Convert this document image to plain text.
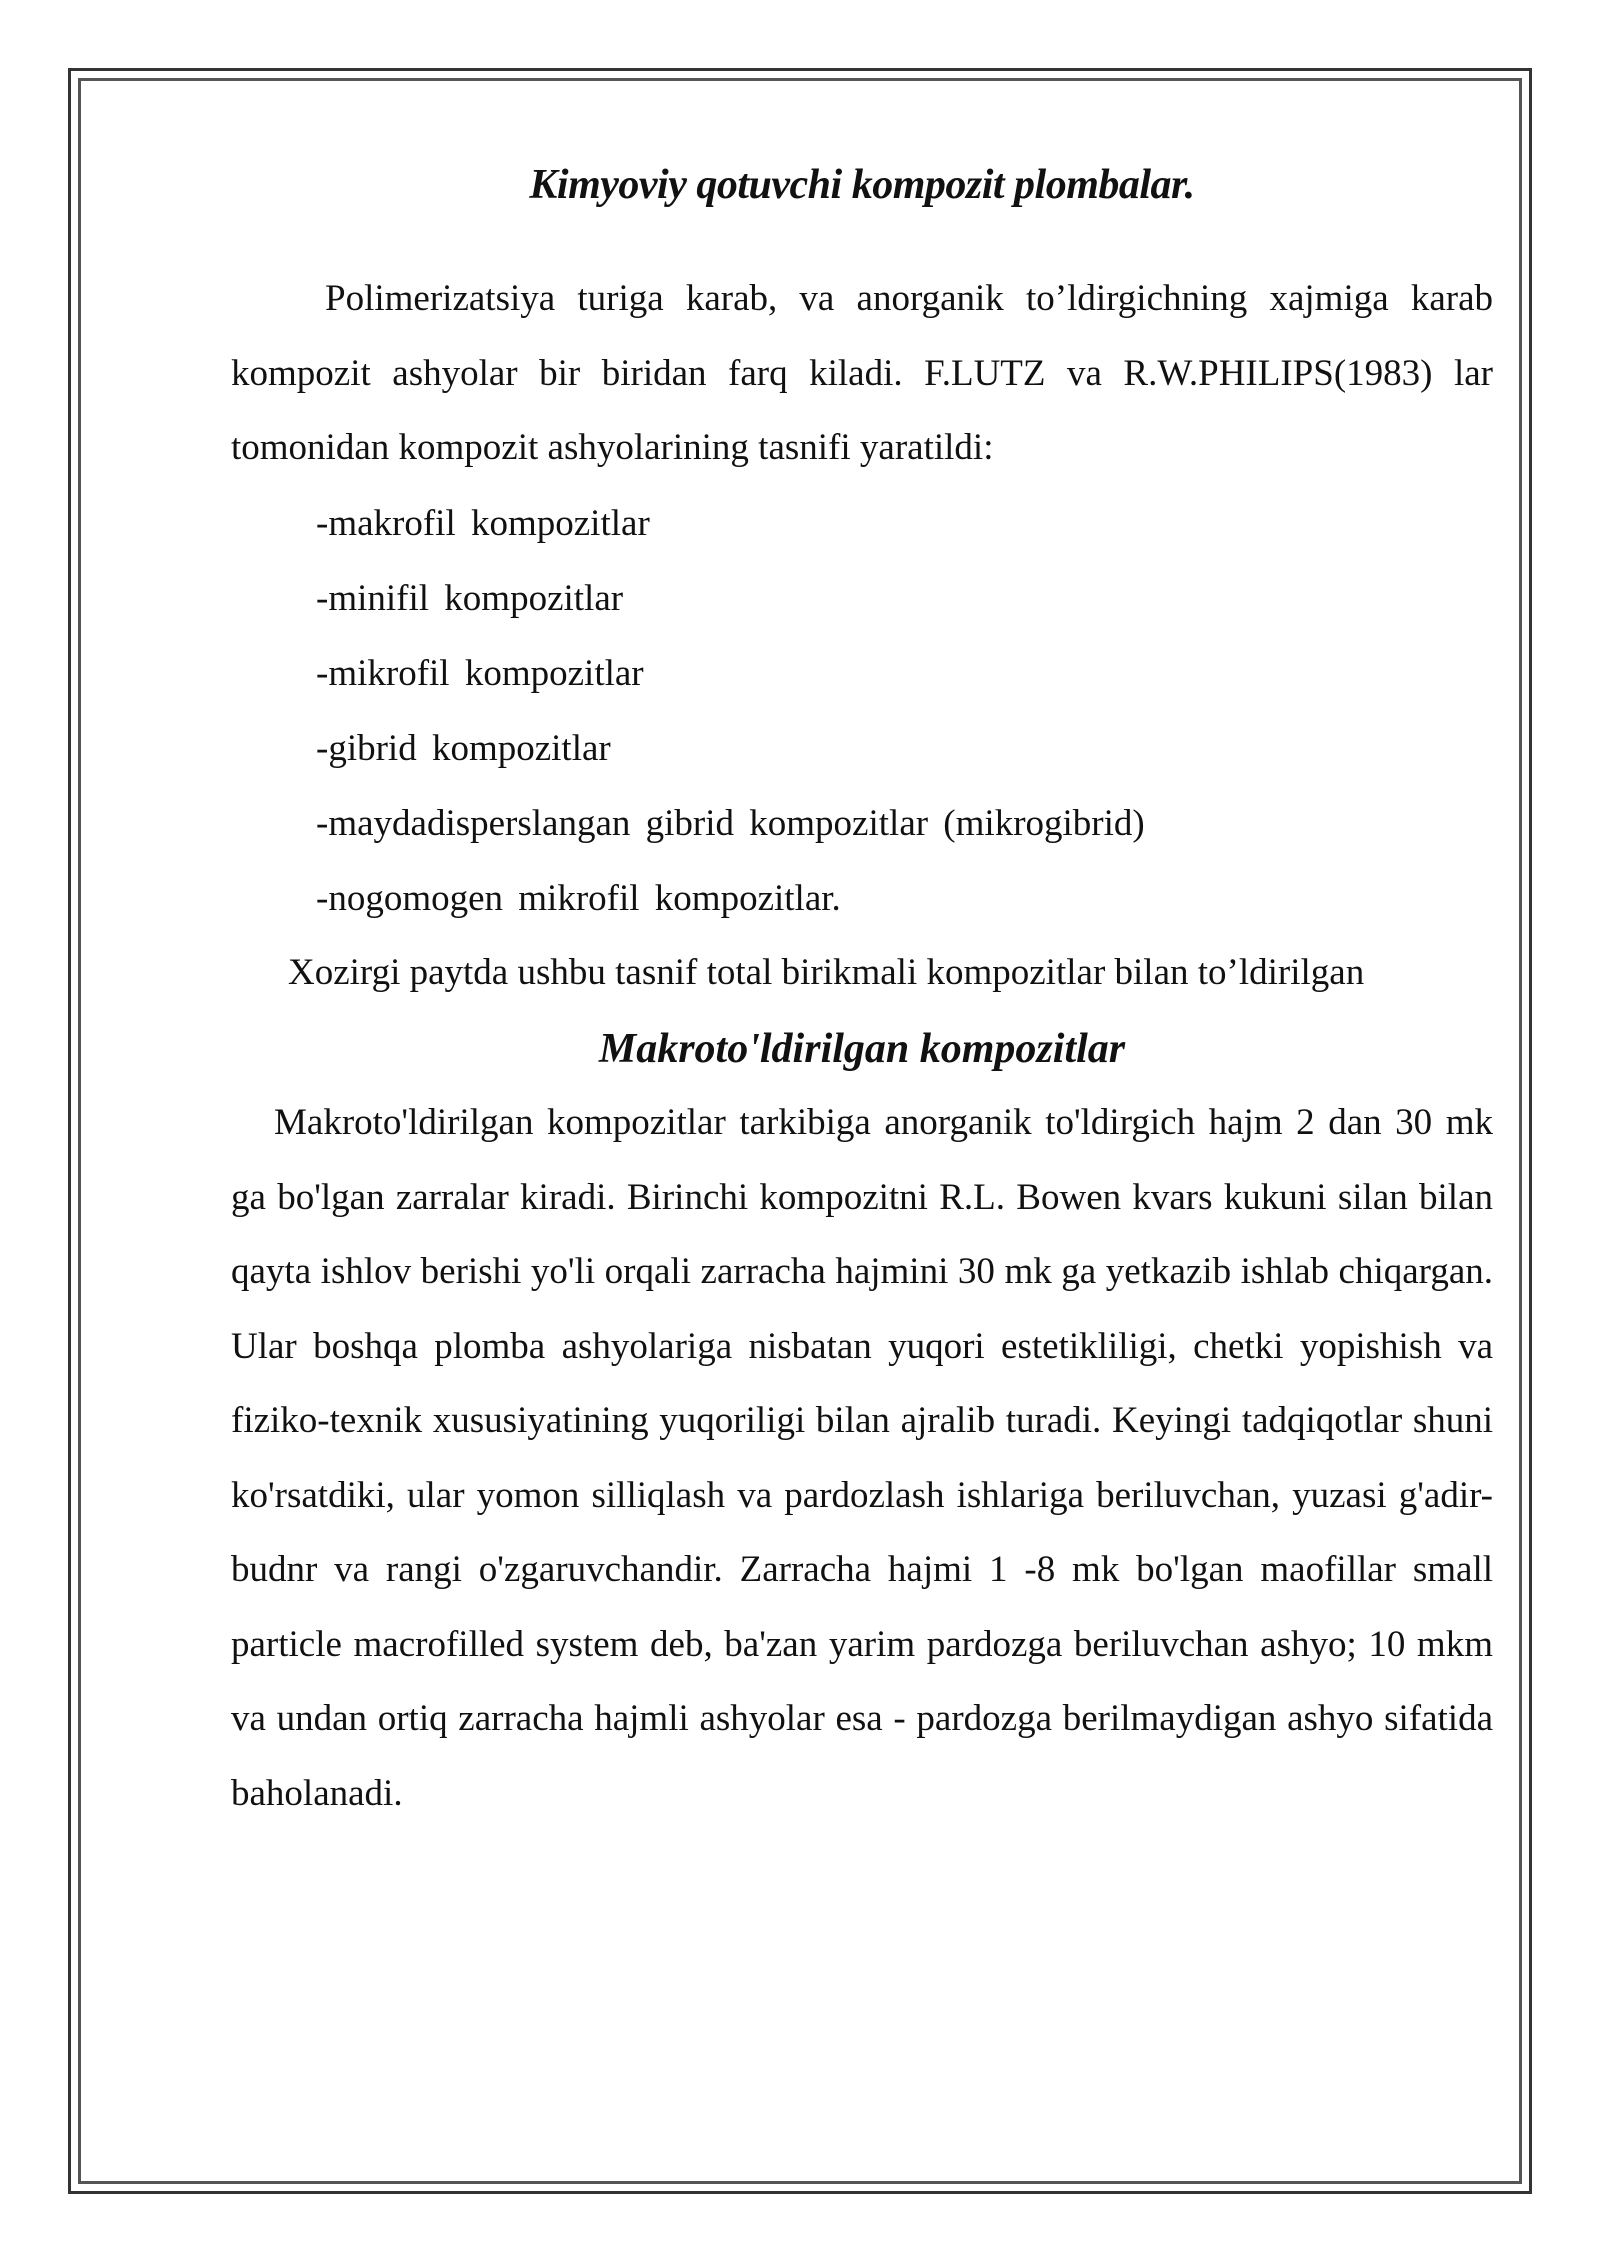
Kimyoviy qotuvchi kompozit plombalar.

Polimerizatsiya turiga karab, va anorganik to’ldirgichning xajmiga karab kompozit ashyolar bir biridan farq kiladi. F.LUTZ va R.W.PHILIPS(1983) lar tomonidan kompozit ashyolarining tasnifi yaratildi:

-makrofil kompozitlar
-minifil kompozitlar
-mikrofil kompozitlar
-gibrid kompozitlar
-maydadisperslangan gibrid kompozitlar (mikrogibrid)
-nogomogen mikrofil kompozitlar.

Xozirgi paytda ushbu tasnif total birikmali kompozitlar bilan to’ldirilgan

Makroto'ldirilgan kompozitlar

Makroto'ldirilgan kompozitlar tarkibiga anorganik to'ldirgich hajm 2 dan 30 mk ga bo'lgan zarralar kiradi. Birinchi kompozitni R.L. Bowen kvars kukuni silan bilan qayta ishlov berishi yo'li orqali zarracha hajmini 30 mk ga yetkazib ishlab chiqargan. Ular boshqa plomba ashyolariga nisbatan yuqori estetikliligi, chetki yopishish va fiziko-texnik xususiyatining yuqoriligi bilan ajralib turadi. Keyingi tadqiqotlar shuni ko'rsatdiki, ular yomon silliqlash va pardozlash ishlariga beriluvchan, yuzasi g'adir-budnr va rangi o'zgaruvchandir. Zarracha hajmi 1 -8 mk bo'lgan maofillar small particle macrofilled system deb, ba'zan yarim pardozga beriluvchan ashyo; 10 mkm va undan ortiq zarracha hajmli ashyolar esa - pardozga berilmaydigan ashyo sifatida baholanadi.
